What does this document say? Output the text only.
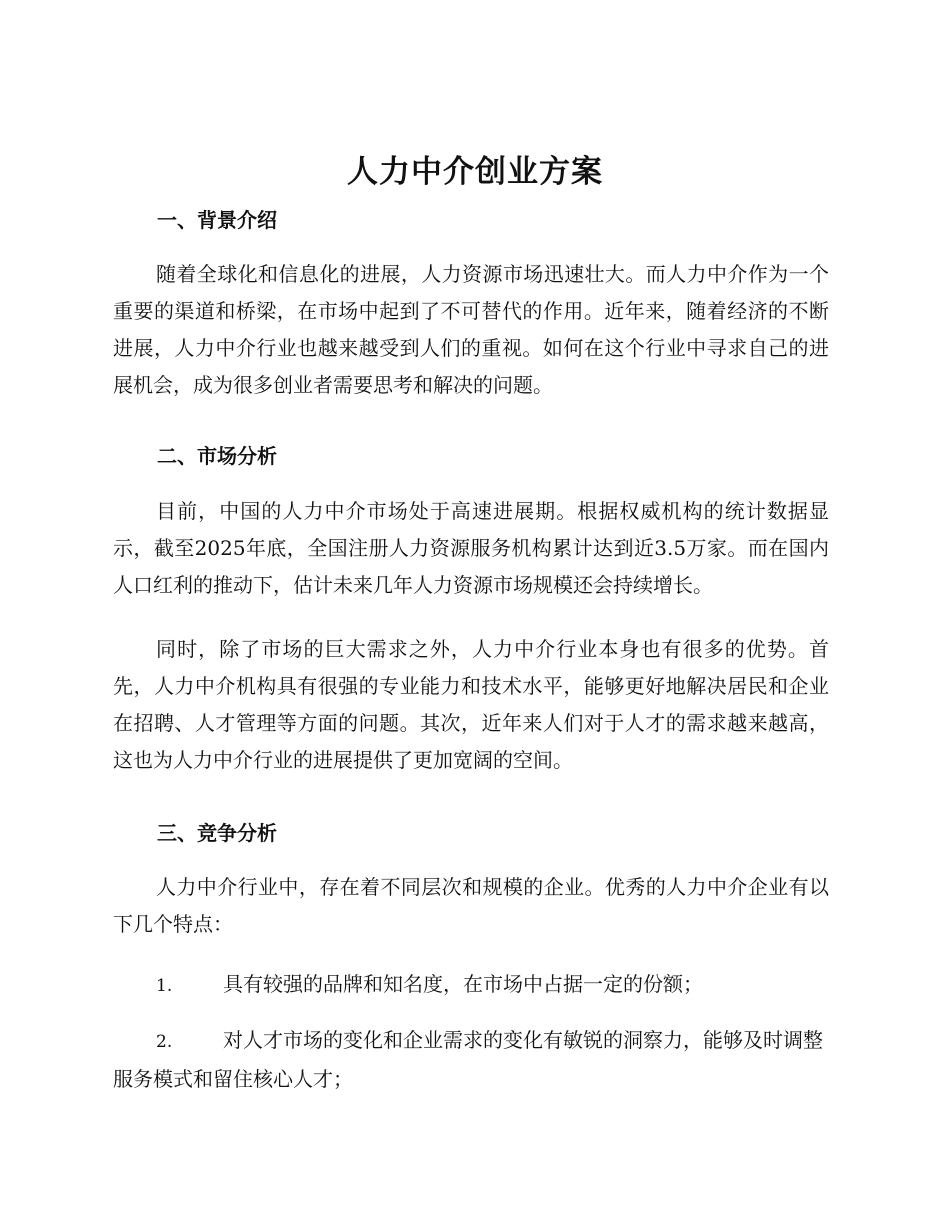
人力中介创业方案
一、背景介绍

随着全球化和信息化的进展，人力资源市场迅速壮大。而人力中介作为一个重要的渠道和桥梁，在市场中起到了不可替代的作用。近年来，随着经济的不断进展，人力中介行业也越来越受到人们的重视。如何在这个行业中寻求自己的进展机会，成为很多创业者需要思考和解决的问题。

二、市场分析

目前，中国的人力中介市场处于高速进展期。根据权威机构的统计数据显示，截至2025年底，全国注册人力资源服务机构累计达到近3.5万家。而在国内人口红利的推动下，估计未来几年人力资源市场规模还会持续增长。

同时，除了市场的巨大需求之外，人力中介行业本身也有很多的优势。首先，人力中介机构具有很强的专业能力和技术水平，能够更好地解决居民和企业在招聘、人才管理等方面的问题。其次，近年来人们对于人才的需求越来越高，这也为人力中介行业的进展提供了更加宽阔的空间。

三、竞争分析

人力中介行业中，存在着不同层次和规模的企业。优秀的人力中介企业有以下几个特点：

1.	具有较强的品牌和知名度，在市场中占据一定的份额；
2.	对人才市场的变化和企业需求的变化有敏锐的洞察力，能够及时调整服务模式和留住核心人才；
